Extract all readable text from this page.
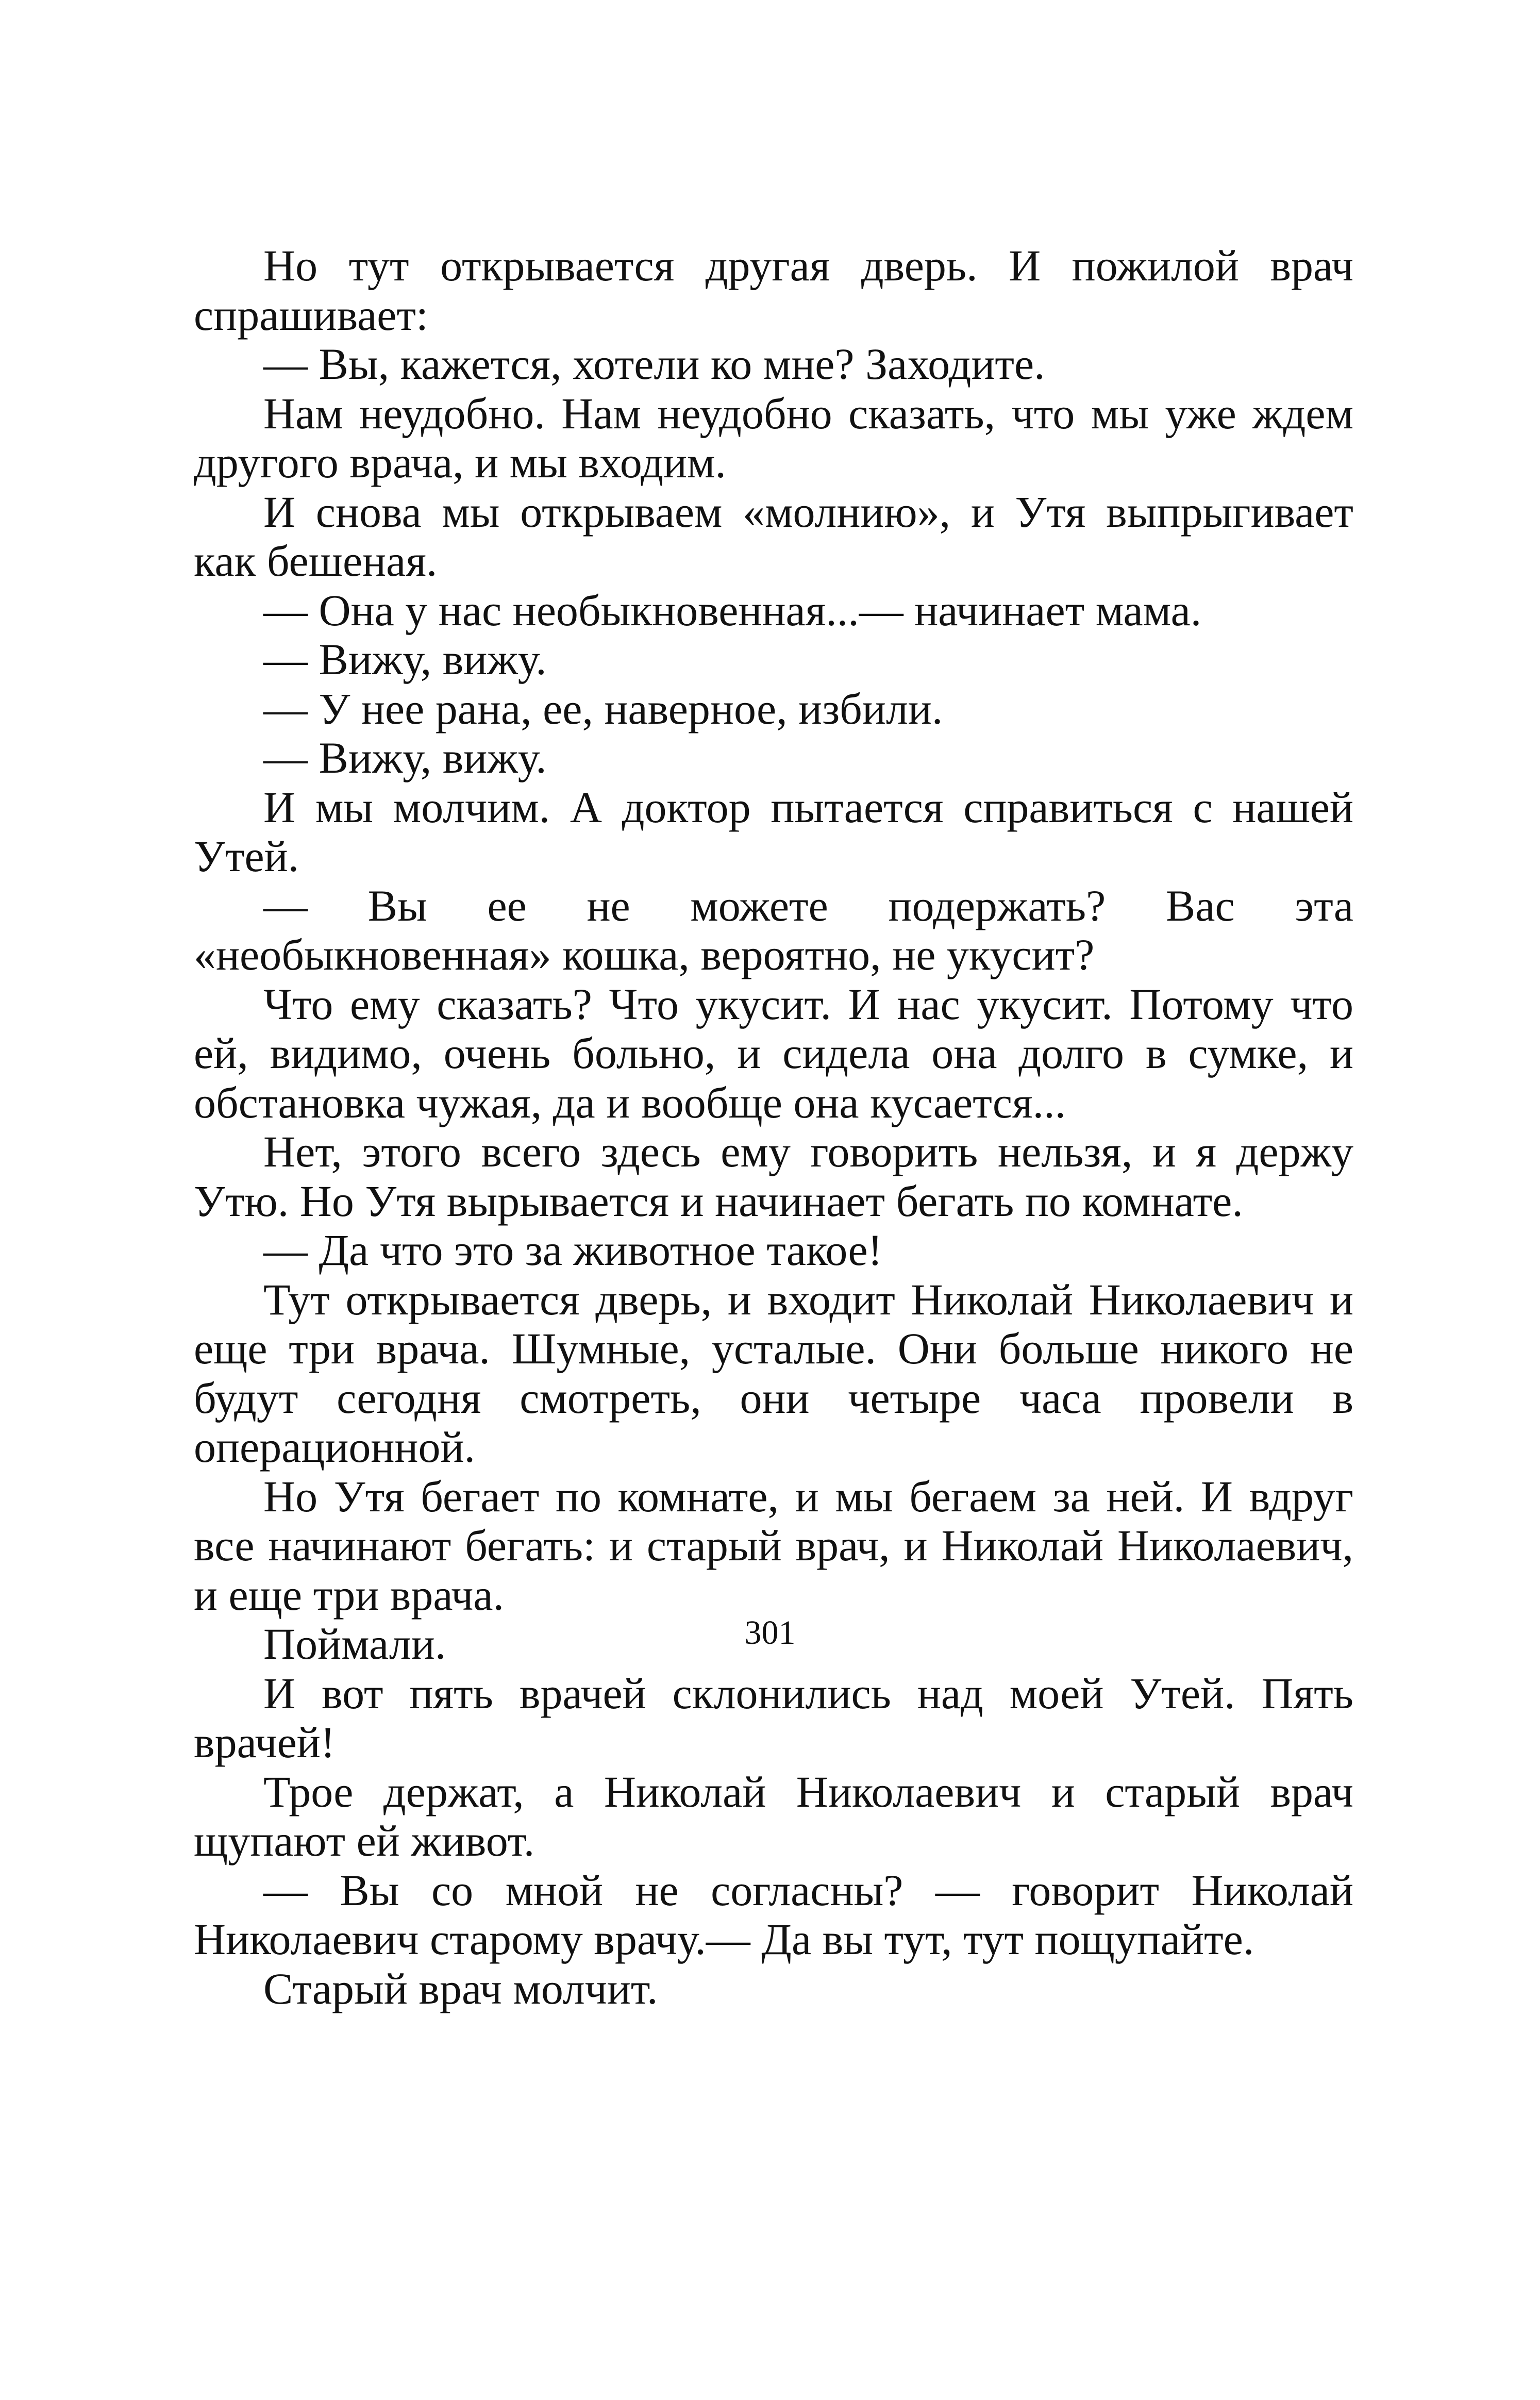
Но тут открывается другая дверь. И пожилой врач спрашивает:

— Вы, кажется, хотели ко мне? Заходите.

Нам неудобно. Нам неудобно сказать, что мы уже ждем другого врача, и мы входим.

И снова мы открываем «молнию», и Утя выпрыгивает как бешеная.

— Она у нас необыкновенная...— начинает мама.

— Вижу, вижу.

— У нее рана, ее, наверное, избили.

— Вижу, вижу.

И мы молчим. А доктор пытается справиться с нашей Утей.

— Вы ее не можете подержать? Вас эта «необыкновенная» кошка, вероятно, не укусит?

Что ему сказать? Что укусит. И нас укусит. Потому что ей, видимо, очень больно, и сидела она долго в сумке, и обстановка чужая, да и вообще она кусается...

Нет, этого всего здесь ему говорить нельзя, и я держу Утю. Но Утя вырывается и начинает бегать по комнате.

— Да что это за животное такое!

Тут открывается дверь, и входит Николай Николаевич и еще три врача. Шумные, усталые. Они больше никого не будут сегодня смотреть, они четыре часа провели в операционной.

Но Утя бегает по комнате, и мы бегаем за ней. И вдруг все начинают бегать: и старый врач, и Николай Николаевич, и еще три врача.

Поймали.

И вот пять врачей склонились над моей Утей. Пять врачей!

Трое держат, а Николай Николаевич и старый врач щупают ей живот.

— Вы со мной не согласны? — говорит Николай Николаевич старому врачу.— Да вы тут, тут пощупайте.

Старый врач молчит.

301
